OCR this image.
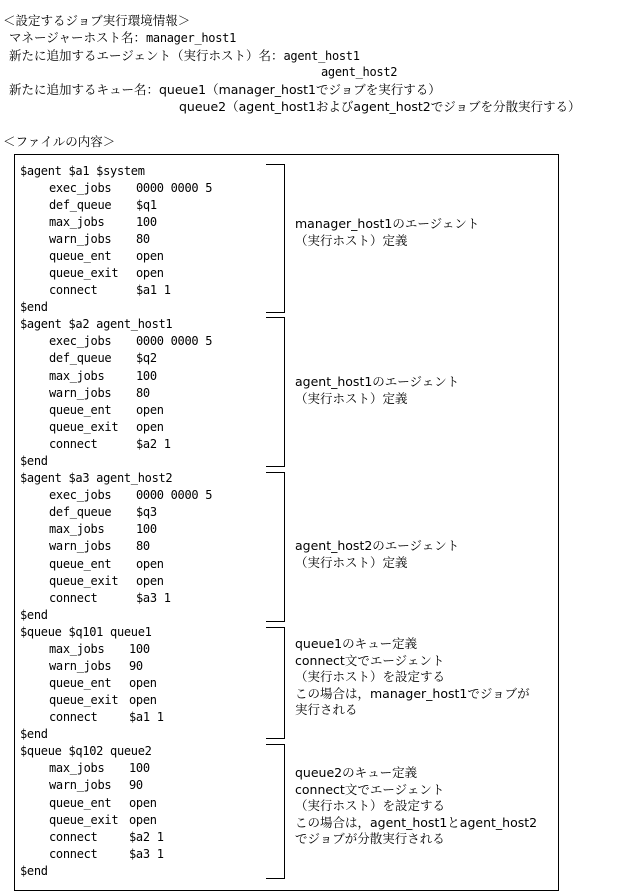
＜設定するジョブ実行環境情報＞
マネージャーホスト名：manager_host1
新たに追加するエージェント（実行ホスト）名：agent_host1
agent_host2
新たに追加するキュー名：queue1（manager_host1でジョブを実行する）
queue2（agent_host1およびagent_host2でジョブを分散実行する）
＜ファイルの内容＞
$agent $a1 $system
exec_jobs 0000 0000 5
def_queue $q1
max_jobs	100
warn_jobs 80
queue_ent open
queue_exit open
connect	$a1 1
$end
manager_host1のエージェント
（実行ホスト）定義
$agent $a2 agent_host1
exec_jobs 0000 0000 5
def_queue $q2
max_jobs	100
warn_jobs 80
queue_ent open
queue_exit open
connect	$a2 1
$end
agent_host1のエージェント
（実行ホスト）定義
$agent $a3 agent_host2
exec_jobs 0000 0000 5
def_queue $q3
max_jobs	100
warn_jobs 80
queue_ent open
queue_exit open
connect	$a3 1
$end
agent_host2のエージェント
（実行ホスト）定義
$queue $q101 queue1
max_jobs 100
warn_jobs 90
queue_ent open
queue_exit open
connect	$a1 1
$end
queue1のキュー定義
connect文でエージェント
（実行ホスト）を設定する
この場合は，manager_host1でジョブが
実行される
$queue $q102 queue2
max_jobs 100
warn_jobs 90
queue_ent open
queue_exit open
connect	$a2 1
connect	$a3 1
$end
queue2のキュー定義
connect文でエージェント
（実行ホスト）を設定する
この場合は，agent_host1とagent_host2
でジョブが分散実行される
